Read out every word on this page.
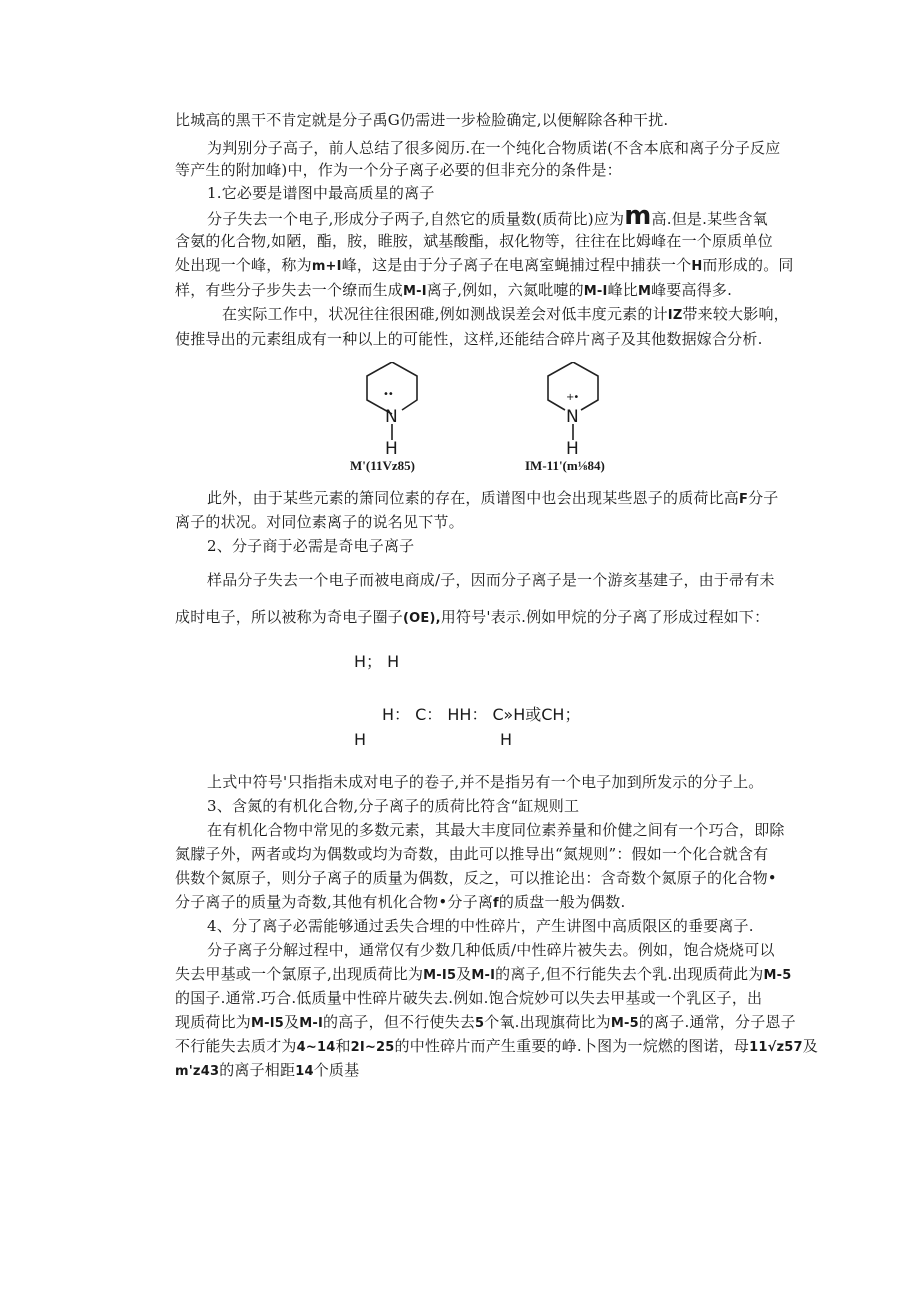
比城高的黑干不肯定就是分子禹G仍需进一步检脸确定,以便解除各种干扰.
为判别分子高子，前人总结了很多阅历.在一个纯化合物质诺(不含本底和离子分子反应
等产生的附加峰)中，作为一个分子离子必要的但非充分的条件是：
1.它必要是谱图中最高质星的离子
分子失去一个电子,形成分子两子,自然它的质量数(质荷比)应为m高.但是.某些含氧
含氨的化合物,如陋，酯，胺，睢胺，斌基酸酯，叔化物等，往往在比姆峰在一个原质单位
处出现一个峰，称为m+I峰，这是由于分子离子在电离室蝇捕过程中捕获一个H而形成的。同
样，有些分子步失去一个缭而生成M-I离子,例如，六氮吡嚏的M-I峰比M峰要高得多.
在实际工作中，状况往往很困碓,例如测战误差会对低丰度元素的计IZ带来较大影响，
使推导出的元素组成有一种以上的可能性，这样,还能结合碎片离子及其他数据嫁合分析.
••
N
H
M'(11Vz85)
+•
N
H
IM-11'(m⅛84)
此外，由于某些元素的箫同位素的存在，质谱图中也会出现某些恩子的质荷比高F分子
离子的状况。对同位素离子的说名见下节。
2、分子商于必需是奇电子离子
样品分子失去一个电子而被电商成/子，因而分子离子是一个游亥基建子，由于帚有未
成时电子，所以被称为奇电子圈子(OE),用符号'表示.例如甲烷的分子离了形成过程如下：
H； H
H： C： HH： C»H或CH；
H	H
上式中符号'只指指未成对电子的卷子,并不是指另有一个电子加到所发示的分子上。
3、含氮的有机化合物,分子离子的质荷比符含“缸规则工
在有机化合物中常见的多数元素，其最大丰度同位素养量和价健之间有一个巧合，即除
氮朦子外，两者或均为偶数或均为奇数，由此可以推导出“氮规则”：假如一个化合就含有
供数个氮原子，则分子离子的质量为偶数，反之，可以推论出：含奇数个氮原子的化合物•
分子离子的质量为奇数,其他有机化合物•分子离f的质盘一般为偶数.
4、分了离子必需能够通过丢失合埋的中性碎片，产生讲图中高质限区的垂要离子.
分子离子分解过程中，通常仅有少数几种低质/中性碎片被失去。例如，饱合烧烧可以
失去甲基或一个氯原子,出现质荷比为M-I5及M-I的离子,但不行能失去个乳.出现质荷此为M-5
的国子.通常.巧合.低质量中性碎片破失去.例如.饱合烷妙可以失去甲基或一个乳区子，出
现质荷比为M-I5及M-I的高子，但不行使失去5个氧.出现旗荷比为M-5的离子.通常，分子恩子
不行能失去质才为4~14和2I~25的中性碎片而产生重要的峥.卜图为一烷燃的图诺，母11√z57及
m'z43的离子相距14个质基
